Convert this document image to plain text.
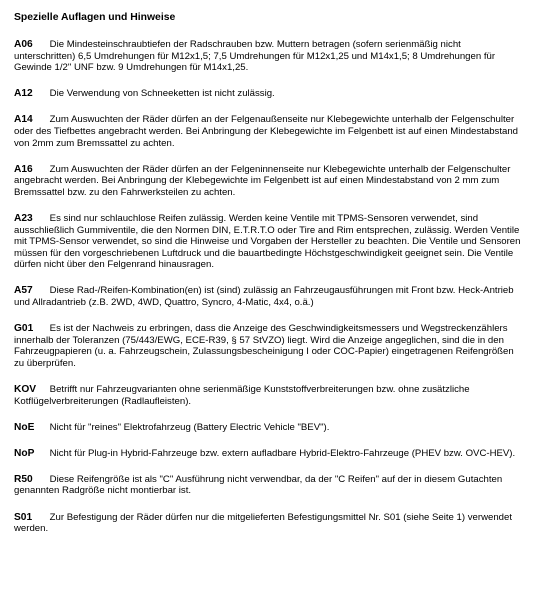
Spezielle Auflagen und Hinweise
A06 Die Mindesteinschraubtiefen der Radschrauben bzw. Muttern betragen (sofern serienmäßig nicht unterschritten) 6,5 Umdrehungen für M12x1,5; 7,5 Umdrehungen für M12x1,25 und M14x1,5; 8 Umdrehungen für Gewinde 1/2" UNF bzw. 9 Umdrehungen für M14x1,25.

A12 Die Verwendung von Schneeketten ist nicht zulässig.

A14 Zum Auswuchten der Räder dürfen an der Felgenaußenseite nur Klebegewichte unterhalb der Felgenschulter oder des Tiefbettes angebracht werden. Bei Anbringung der Klebegewichte im Felgenbett ist auf einen Mindestabstand von 2mm zum Bremssattel zu achten.

A16 Zum Auswuchten der Räder dürfen an der Felgeninnenseite nur Klebegewichte unterhalb der Felgenschulter angebracht werden. Bei Anbringung der Klebegewichte im Felgenbett ist auf einen Mindestabstand von 2 mm zum Bremssattel bzw. zu den Fahrwerksteilen zu achten.

A23 Es sind nur schlauchlose Reifen zulässig. Werden keine Ventile mit TPMS-Sensoren verwendet, sind ausschließlich Gummiventile, die den Normen DIN, E.T.R.T.O oder Tire and Rim entsprechen, zulässig. Werden Ventile mit TPMS-Sensor verwendet, so sind die Hinweise und Vorgaben der Hersteller zu beachten. Die Ventile und Sensoren müssen für den vorgeschriebenen Luftdruck und die bauartbedingte Höchstgeschwindigkeit geeignet sein. Die Ventile dürfen nicht über den Felgenrand hinausragen.

A57 Diese Rad-/Reifen-Kombination(en) ist (sind) zulässig an Fahrzeugausführungen mit Front bzw. Heck-Antrieb und Allradantrieb (z.B. 2WD, 4WD, Quattro, Syncro, 4-Matic, 4x4, o.ä.)

G01 Es ist der Nachweis zu erbringen, dass die Anzeige des Geschwindigkeitsmessers und Wegstreckenzählers innerhalb der Toleranzen (75/443/EWG, ECE-R39, § 57 StVZO) liegt. Wird die Anzeige angeglichen, sind die in den Fahrzeugpapieren (u. a. Fahrzeugschein, Zulassungsbescheinigung I oder COC-Papier) eingetragenen Reifengrößen zu überprüfen.

KOV Betrifft nur Fahrzeugvarianten ohne serienmäßige Kunststoffverbreiterungen bzw. ohne zusätzliche Kotflügelverbreiterungen (Radlaufleisten).

NoE Nicht für "reines" Elektrofahrzeug (Battery Electric Vehicle "BEV").

NoP Nicht für Plug-in Hybrid-Fahrzeuge bzw. extern aufladbare Hybrid-Elektro-Fahrzeuge (PHEV bzw. OVC-HEV).

R50 Diese Reifengröße ist als "C" Ausführung nicht verwendbar, da der "C Reifen" auf der in diesem Gutachten genannten Radgröße nicht montierbar ist.

S01 Zur Befestigung der Räder dürfen nur die mitgelieferten Befestigungsmittel Nr. S01 (siehe Seite 1) verwendet werden.
